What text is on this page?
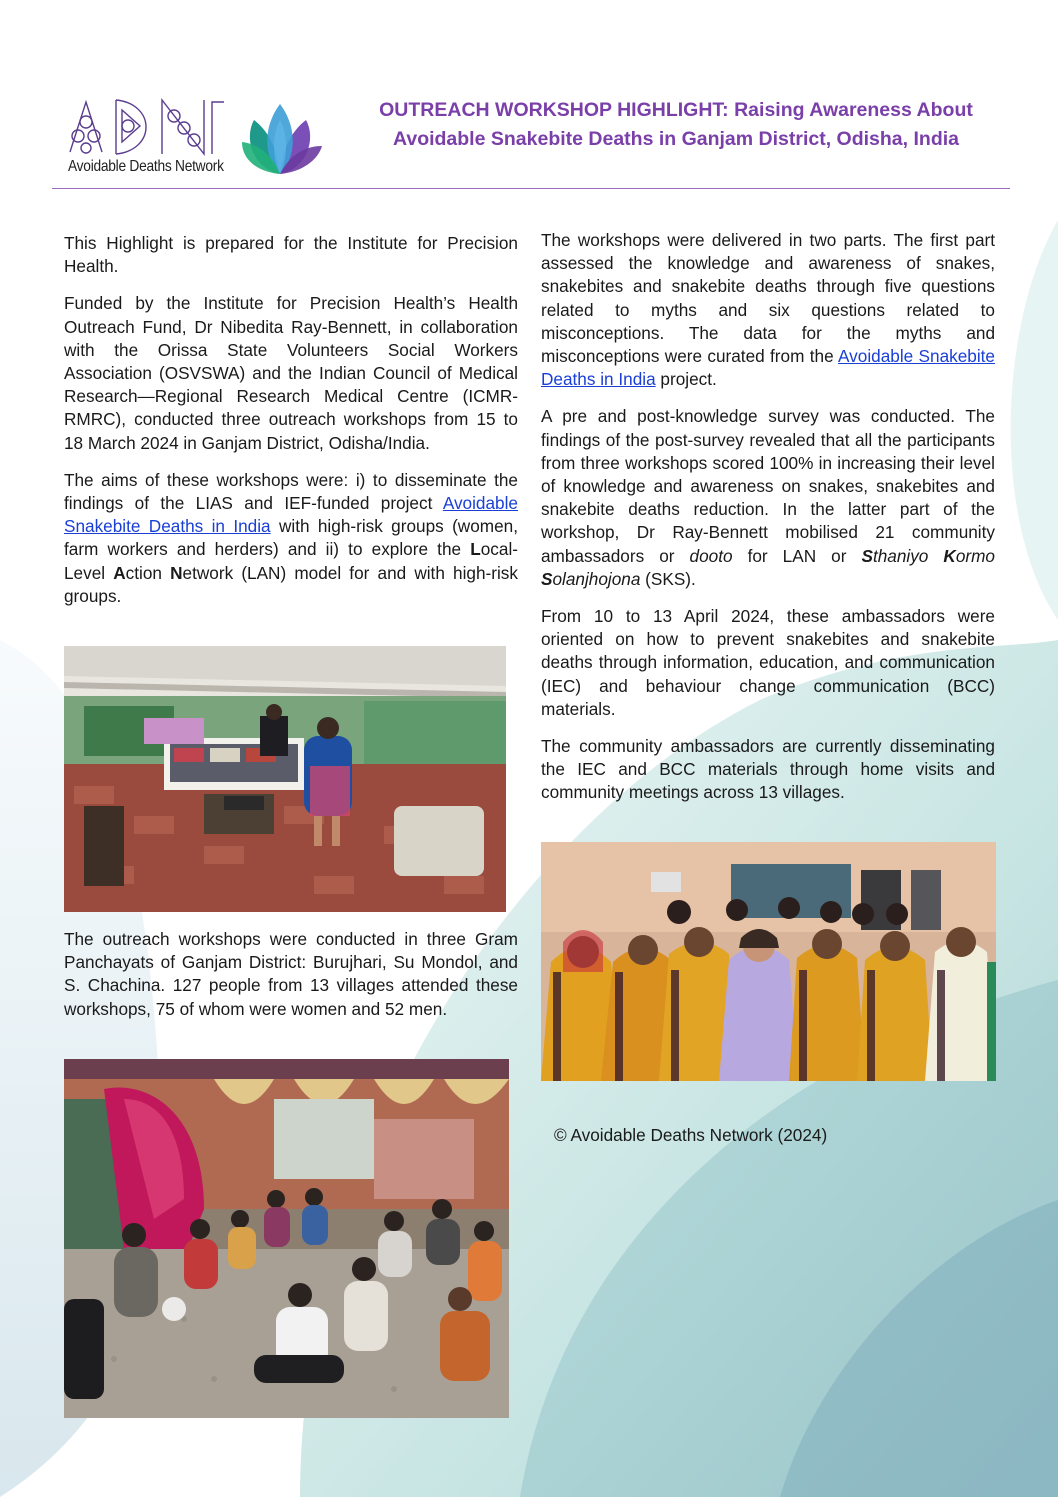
Avoidable Deaths Network
OUTREACH WORKSHOP HIGHLIGHT: Raising Awareness About
Avoidable Snakebite Deaths in Ganjam District, Odisha, India

This Highlight is prepared for the Institute for Precision Health.

Funded by the Institute for Precision Health’s Health Outreach Fund, Dr Nibedita Ray-Bennett, in collaboration with the Orissa State Volunteers Social Workers Association (OSVSWA) and the Indian Council of Medical Research—Regional Research Medical Centre (ICMR-RMRC), conducted three outreach workshops from 15 to 18 March 2024 in Ganjam District, Odisha/India.

The aims of these workshops were: i) to disseminate the findings of the LIAS and IEF-funded project Avoidable Snakebite Deaths in India with high-risk groups (women, farm workers and herders) and ii) to explore the Local-Level Action Network (LAN) model for and with high-risk groups.

The outreach workshops were conducted in three Gram Panchayats of Ganjam District: Burujhari, Su Mondol, and S. Chachina. 127 people from 13 villages attended these workshops, 75 of whom were women and 52 men.

The workshops were delivered in two parts. The first part assessed the knowledge and awareness of snakes, snakebites and snakebite deaths through five questions related to myths and six questions related to misconceptions. The data for the myths and misconceptions were curated from the Avoidable Snakebite Deaths in India project.

A pre and post-knowledge survey was conducted. The findings of the post-survey revealed that all the participants from three workshops scored 100% in increasing their level of knowledge and awareness on snakes, snakebites and snakebite deaths reduction. In the latter part of the workshop, Dr Ray-Bennett mobilised 21 community ambassadors or dooto for LAN or Sthaniyo Kormo Solanjhojona (SKS).

From 10 to 13 April 2024, these ambassadors were oriented on how to prevent snakebites and snakebite deaths through information, education, and communication (IEC) and behaviour change communication (BCC) materials.

The community ambassadors are currently disseminating the IEC and BCC materials through home visits and community meetings across 13 villages.

© Avoidable Deaths Network (2024)
